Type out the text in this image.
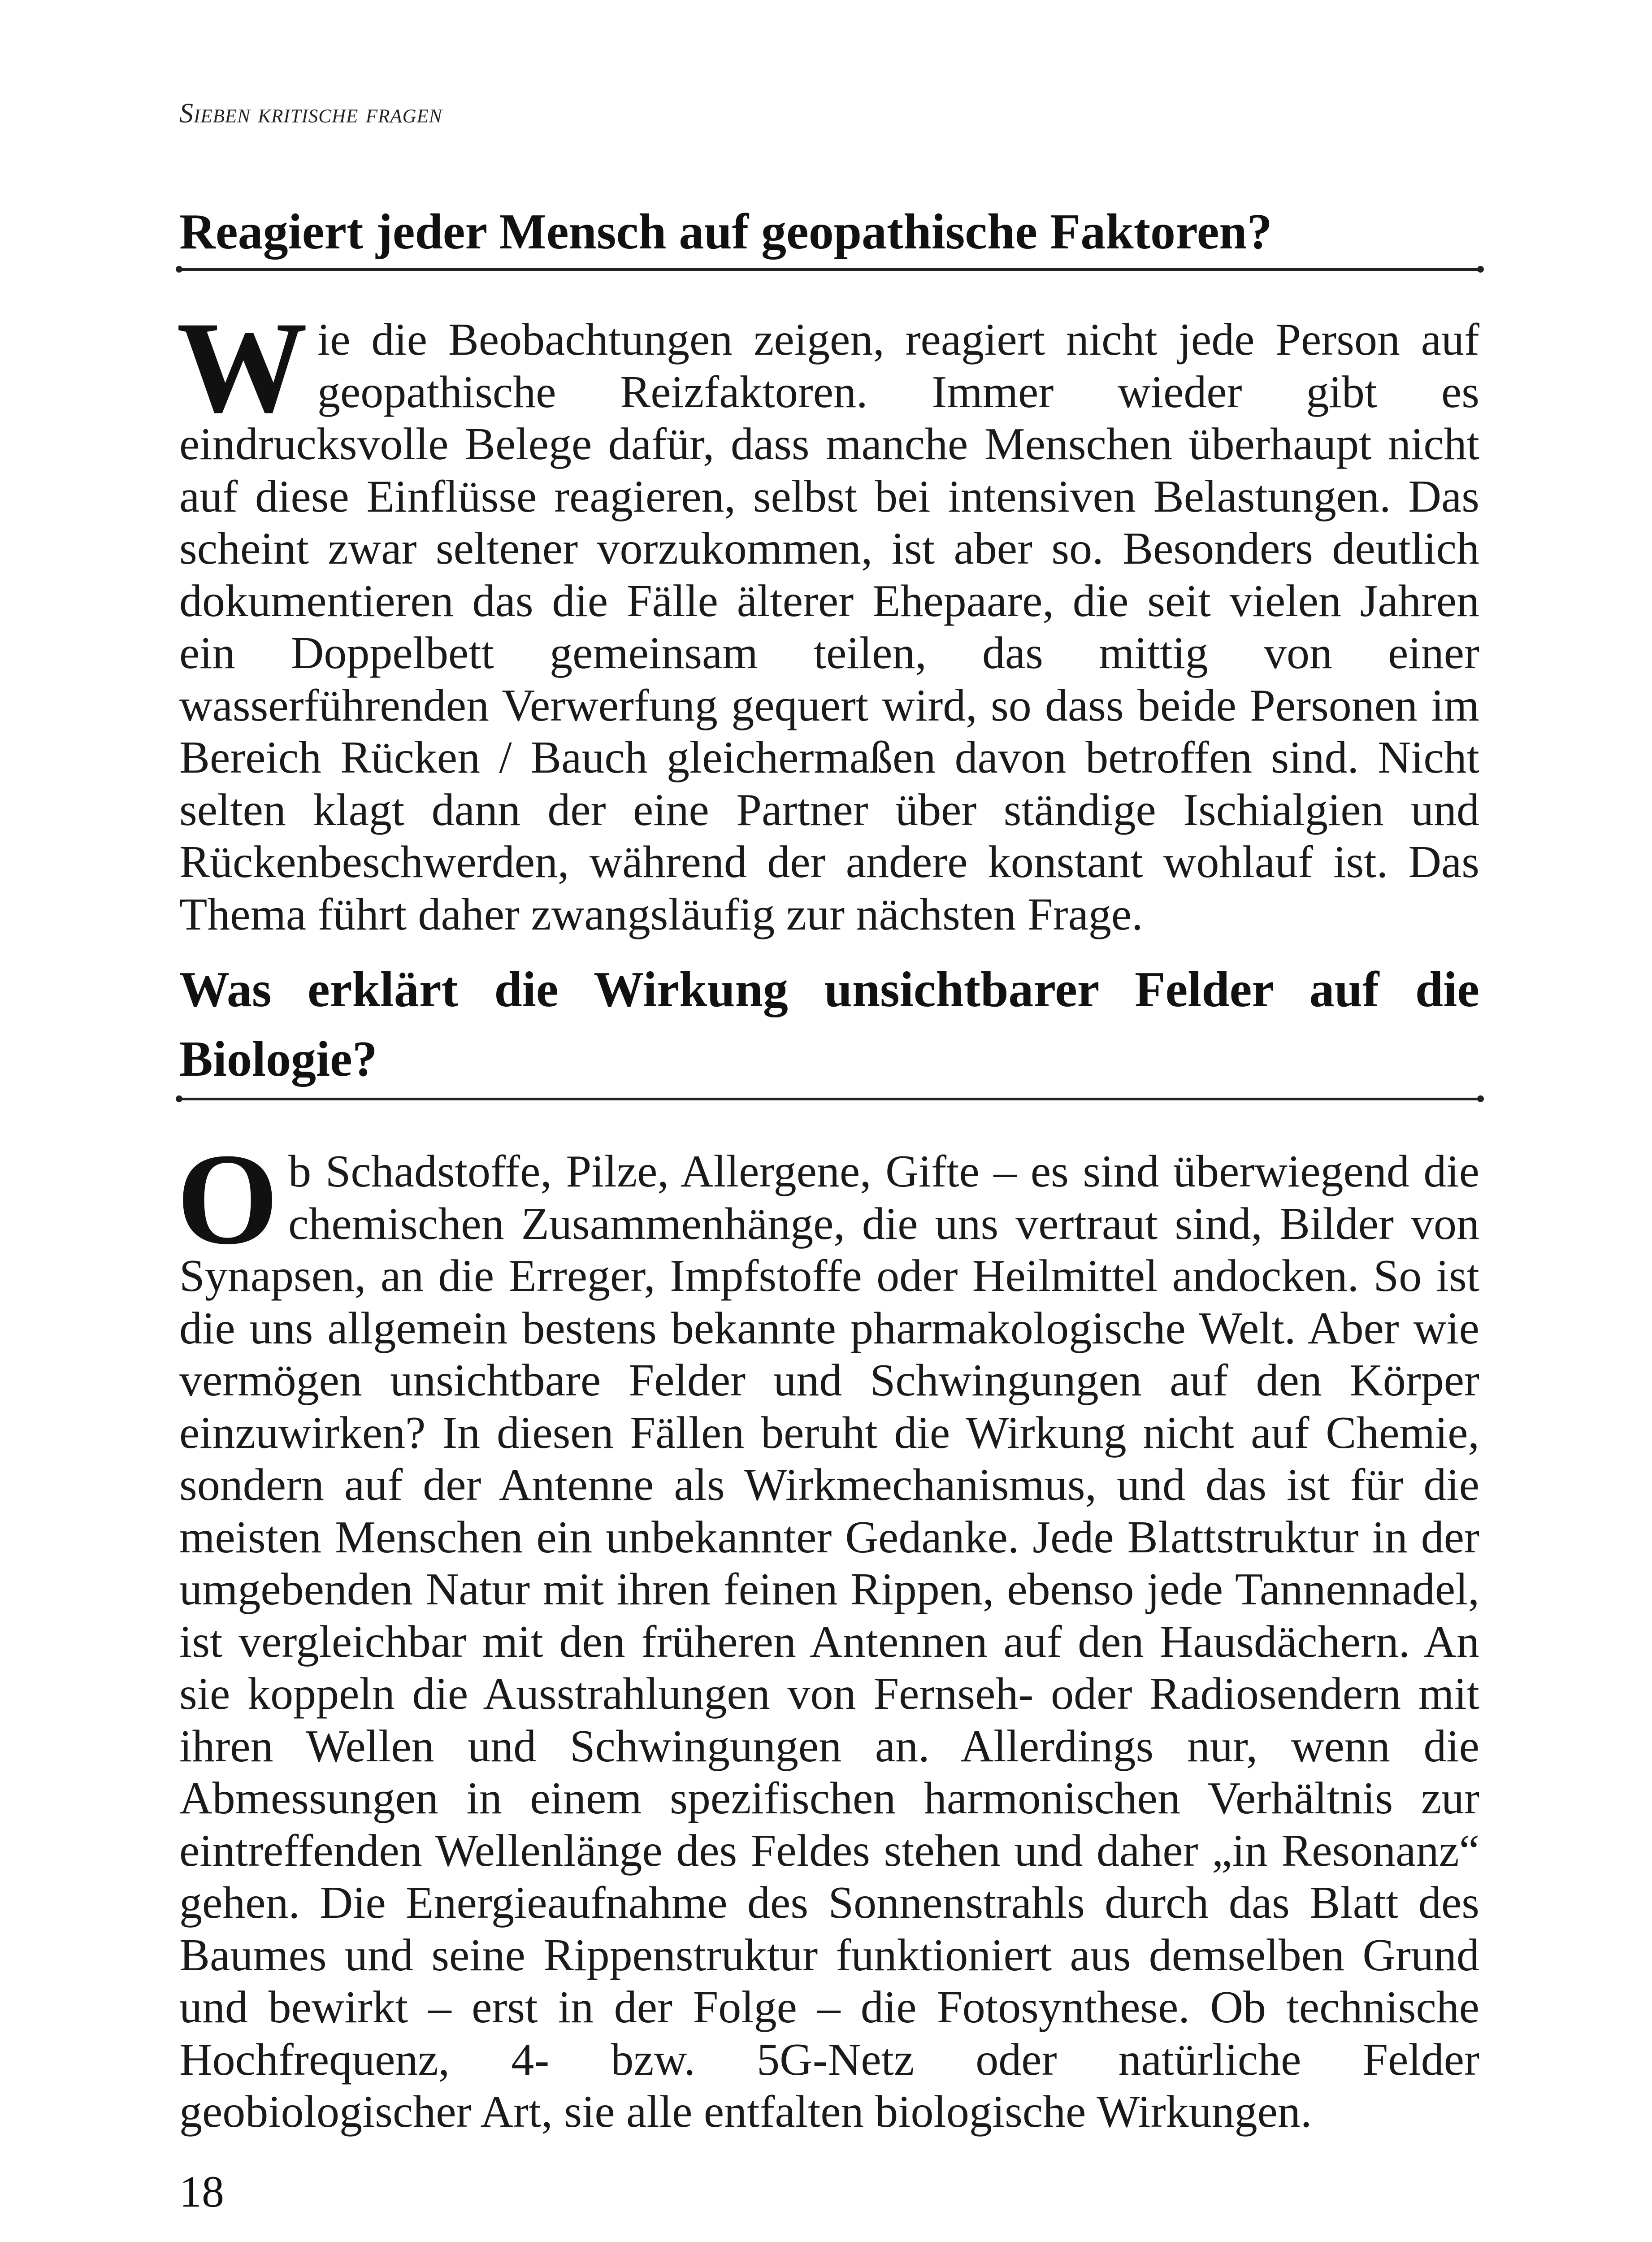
Sieben kritische fragen
Reagiert jeder Mensch auf geopathische Faktoren?

Wie die Beobachtungen zeigen, reagiert nicht jede Person auf geopathische Reizfaktoren. Immer wieder gibt es eindrucksvolle Belege dafür, dass manche Menschen überhaupt nicht auf diese Einflüsse reagieren, selbst bei intensiven Belastungen. Das scheint zwar seltener vorzukommen, ist aber so. Besonders deutlich dokumentieren das die Fälle älterer Ehepaare, die seit vielen Jahren ein Doppelbett gemeinsam teilen, das mittig von einer wasserführenden Verwerfung gequert wird, so dass beide Personen im Bereich Rücken / Bauch gleichermaßen davon betroffen sind. Nicht selten klagt dann der eine Partner über ständige Ischialgien und Rückenbeschwerden, während der andere konstant wohlauf ist. Das Thema führt daher zwangsläufig zur nächsten Frage.

Was erklärt die Wirkung unsichtbarer Felder auf die Biologie?

Ob Schadstoffe, Pilze, Allergene, Gifte – es sind überwiegend die chemischen Zusammenhänge, die uns vertraut sind, Bilder von Synapsen, an die Erreger, Impfstoffe oder Heilmittel andocken. So ist die uns allgemein bestens bekannte pharmakologische Welt. Aber wie vermögen unsichtbare Felder und Schwingungen auf den Körper einzuwirken? In diesen Fällen beruht die Wirkung nicht auf Chemie, sondern auf der Antenne als Wirkmechanismus, und das ist für die meisten Menschen ein unbekannter Gedanke. Jede Blattstruktur in der umgebenden Natur mit ihren feinen Rippen, ebenso jede Tannennadel, ist vergleichbar mit den früheren Antennen auf den Hausdächern. An sie koppeln die Ausstrahlungen von Fernseh- oder Radiosendern mit ihren Wellen und Schwingungen an. Allerdings nur, wenn die Abmessungen in einem spezifischen harmonischen Verhältnis zur eintreffenden Wellenlänge des Feldes stehen und daher „in Resonanz“ gehen. Die Energieaufnahme des Sonnenstrahls durch das Blatt des Baumes und seine Rippenstruktur funktioniert aus demselben Grund und bewirkt – erst in der Folge – die Fotosynthese. Ob technische Hochfrequenz, 4- bzw. 5G-Netz oder natürliche Felder geobiologischer Art, sie alle entfalten biologische Wirkungen.

18
